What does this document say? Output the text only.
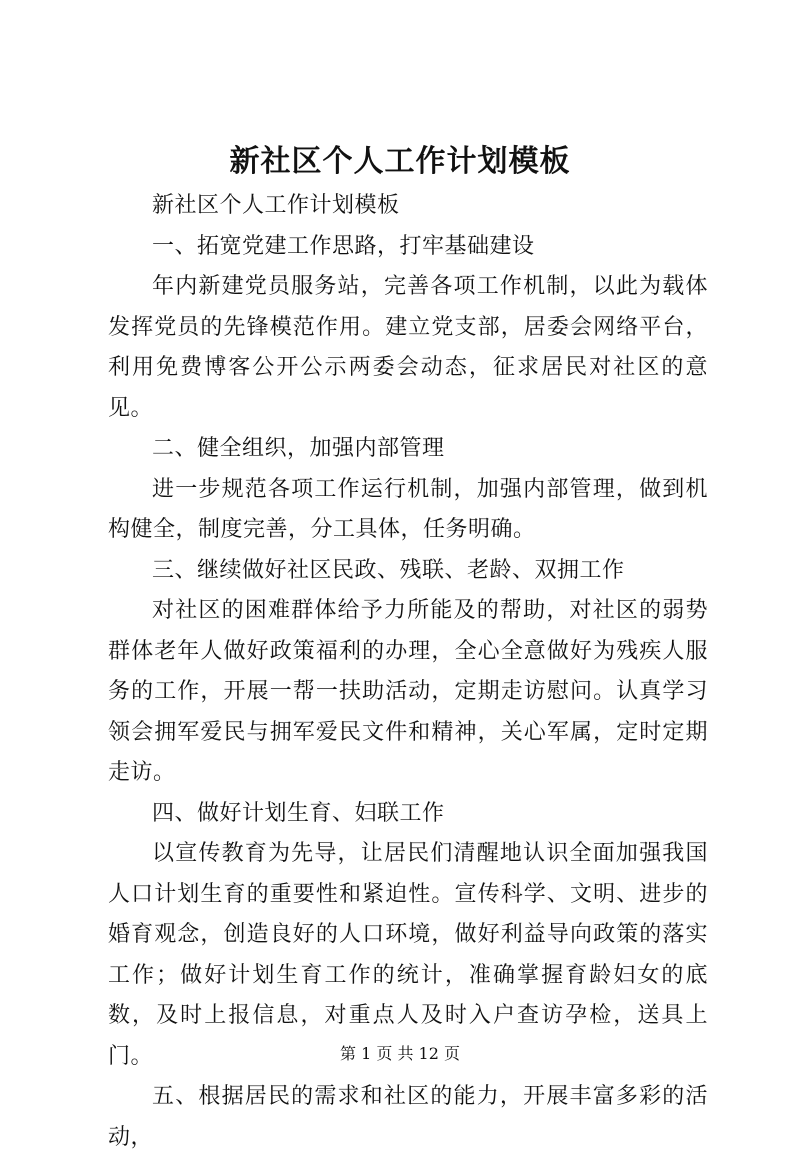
新社区个人工作计划模板

新社区个人工作计划模板

一、拓宽党建工作思路，打牢基础建设

年内新建党员服务站，完善各项工作机制，以此为载体发挥党员的先锋模范作用。建立党支部，居委会网络平台，利用免费博客公开公示两委会动态，征求居民对社区的意见。

二、健全组织，加强内部管理

进一步规范各项工作运行机制，加强内部管理，做到机构健全，制度完善，分工具体，任务明确。

三、继续做好社区民政、残联、老龄、双拥工作

对社区的困难群体给予力所能及的帮助，对社区的弱势群体老年人做好政策福利的办理，全心全意做好为残疾人服务的工作，开展一帮一扶助活动，定期走访慰问。认真学习领会拥军爱民与拥军爱民文件和精神，关心军属，定时定期走访。

四、做好计划生育、妇联工作

以宣传教育为先导，让居民们清醒地认识全面加强我国人口计划生育的重要性和紧迫性。宣传科学、文明、进步的婚育观念，创造良好的人口环境，做好利益导向政策的落实工作；做好计划生育工作的统计，准确掌握育龄妇女的底数，及时上报信息，对重点人及时入户查访孕检，送具上门。

五、根据居民的需求和社区的能力，开展丰富多彩的活动，

第 1 页 共 12 页
